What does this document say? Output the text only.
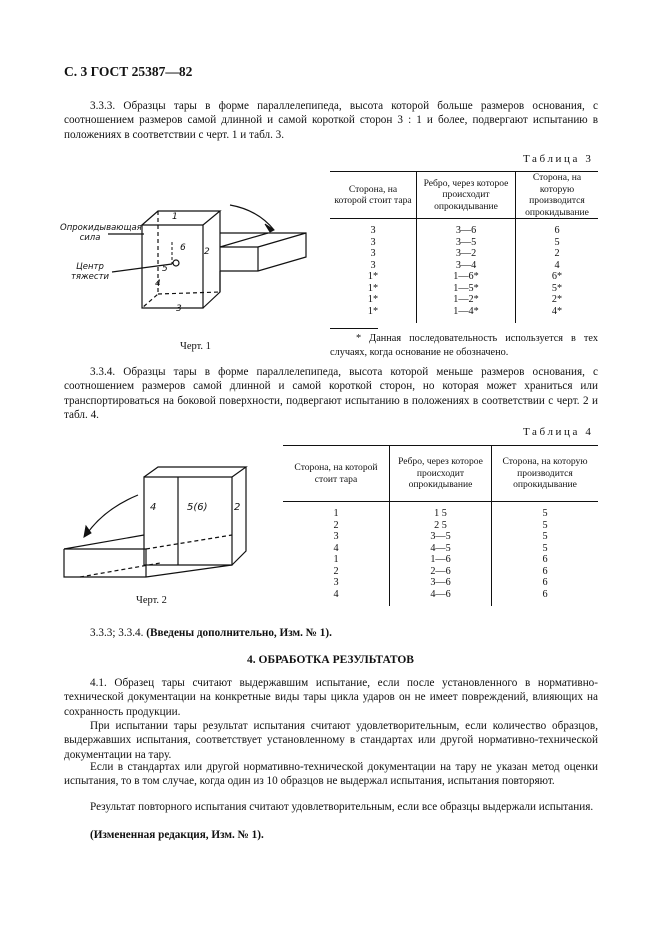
С. 3 ГОСТ 25387—82
3.3.3. Образцы тары в форме параллелепипеда, высота которой больше размеров основания, с соотношением размеров самой длинной и самой короткой сторон 3 : 1 и более, подвергают испытанию в положениях в соответствии с черт. 1 и табл. 3.
Таблица 3
Сторона, на которой стоит тара	Ребро, через которое происходит опрокидывание	Сторона, на которую производится опрокидывание

3	3—6	6
3	3—5	5
3	3—2	2
3	3—4	4
1*	1—6*	6*
1*	1—5*	5*
1*	1—2*	2*
1*	1—4*	4*

* Данная последовательность используется в тех случаях, когда основание не обозначено.
Опрокидывающая сила
Центр тяжести
1
6 2
5
4
3
Черт. 1
3.3.4. Образцы тары в форме параллелепипеда, высота которой меньше размеров основания, с соотношением размеров самой длинной и самой короткой сторон, но которая может храниться или транспортироваться на боковой поверхности, подвергают испытанию в положениях в соответствии с черт. 2 и табл. 4.
Таблица 4
Сторона, на которой стоит тара	Ребро, через которое происходит опрокидывание	Сторона, на которую производится опрокидывание

1	1 5	5
2	2 5	5
3	3—5	5
4	4—5	5
1	1—6	6
2	2—6	6
3	3—6	6
4	4—6	6

4	5(6)	2
Черт. 2
3.3.3; 3.3.4. (Введены дополнительно, Изм. № 1).
4. ОБРАБОТКА РЕЗУЛЬТАТОВ
4.1. Образец тары считают выдержавшим испытание, если после установленного в нормативно-технической документации на конкретные виды тары цикла ударов он не имеет повреждений, влияющих на сохранность продукции.
При испытании тары результат испытания считают удовлетворительным, если количество образцов, выдержавших испытания, соответствует установленному в стандартах или другой нормативно-технической документации на тару.
Если в стандартах или другой нормативно-технической документации на тару не указан метод оценки испытания, то в том случае, когда один из 10 образцов не выдержал испытания, испытания повторяют.
Результат повторного испытания считают удовлетворительным, если все образцы выдержали испытания.
(Измененная редакция, Изм. № 1).
